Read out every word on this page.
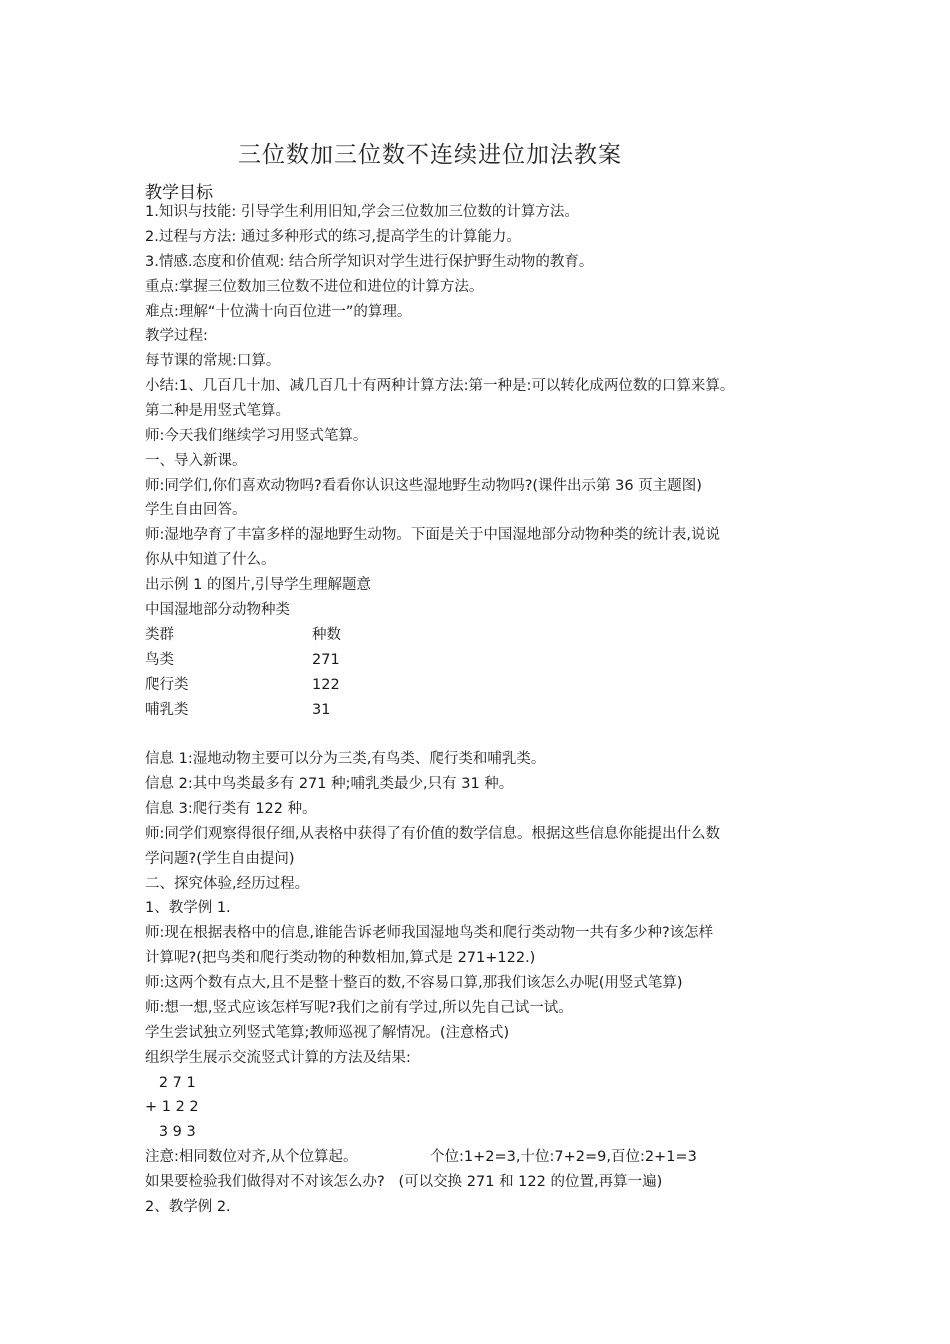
三位数加三位数不连续进位加法教案
教学目标
1.知识与技能: 引导学生利用旧知,学会三位数加三位数的计算方法。
2.过程与方法: 通过多种形式的练习,提高学生的计算能力。
3.情感.态度和价值观: 结合所学知识对学生进行保护野生动物的教育。
重点:掌握三位数加三位数不进位和进位的计算方法。
难点:理解“十位满十向百位进一”的算理。
教学过程:
每节课的常规:口算。
小结:1、几百几十加、减几百几十有两种计算方法:第一种是:可以转化成两位数的口算来算。
第二种是用竖式笔算。
师:今天我们继续学习用竖式笔算。
一、导入新课。
师:同学们,你们喜欢动物吗?看看你认识这些湿地野生动物吗?(课件出示第 36 页主题图)
学生自由回答。
师:湿地孕育了丰富多样的湿地野生动物。下面是关于中国湿地部分动物种类的统计表,说说
你从中知道了什么。
出示例 1 的图片,引导学生理解题意
中国湿地部分动物种类
类群	种数
鸟类	271
爬行类	122
哺乳类	31
信息 1:湿地动物主要可以分为三类,有鸟类、爬行类和哺乳类。
信息 2:其中鸟类最多有 271 种;哺乳类最少,只有 31 种。
信息 3:爬行类有 122 种。
师:同学们观察得很仔细,从表格中获得了有价值的数学信息。根据这些信息你能提出什么数
学问题?(学生自由提问)
二、探究体验,经历过程。
1、教学例 1.
师:现在根据表格中的信息,谁能告诉老师我国湿地鸟类和爬行类动物一共有多少种?该怎样
计算呢?(把鸟类和爬行类动物的种数相加,算式是 271+122.)
师:这两个数有点大,且不是整十整百的数,不容易口算,那我们该怎么办呢(用竖式笔算)
师:想一想,竖式应该怎样写呢?我们之前有学过,所以先自己试一试。
学生尝试独立列竖式笔算;教师巡视了解情况。(注意格式)
组织学生展示交流竖式计算的方法及结果:
2 7 1
+ 1 2 2
3 9 3
注意:相同数位对齐,从个位算起。	个位:1+2=3,十位:7+2=9,百位:2+1=3
如果要检验我们做得对不对该怎么办?   (可以交换 271 和 122 的位置,再算一遍)
2、教学例 2.
